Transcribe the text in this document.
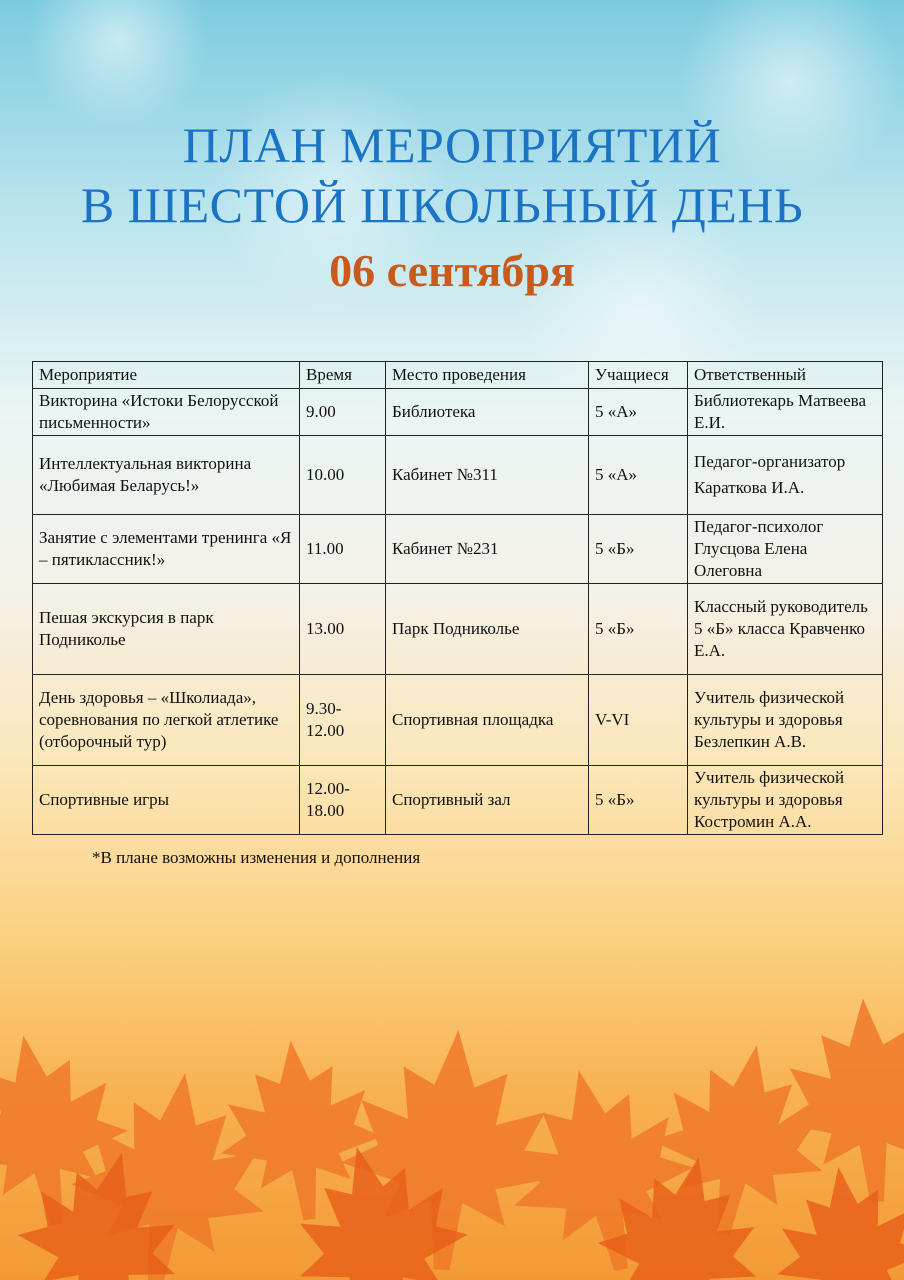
ПЛАН МЕРОПРИЯТИЙ
В ШЕСТОЙ ШКОЛЬНЫЙ ДЕНЬ
06 сентября
Мероприятие	Время	Место проведения	Учащиеся	Ответственный
Викторина «Истоки Белорусской письменности»	9.00	Библиотека	5 «А»	Библиотекарь Матвеева Е.И.
Интеллектуальная викторина «Любимая Беларусь!»	10.00	Кабинет №311	5 «А»	Педагог-организатор Караткова И.А.
Занятие с элементами тренинга «Я – пятиклассник!»	11.00	Кабинет №231	5 «Б»	Педагог-психолог Глусцова Елена Олеговна
Пешая экскурсия в парк Подниколье	13.00	Парк Подниколье	5 «Б»	Классный руководитель 5 «Б» класса Кравченко Е.А.
День здоровья – «Школиада», соревнования по легкой атлетике (отборочный тур)	9.30-12.00	Спортивная площадка	V-VI	Учитель физической культуры и здоровья Безлепкин А.В.
Спортивные игры	12.00-18.00	Спортивный зал	5 «Б»	Учитель физической культуры и здоровья Костромин А.А.
*В плане возможны изменения и дополнения
